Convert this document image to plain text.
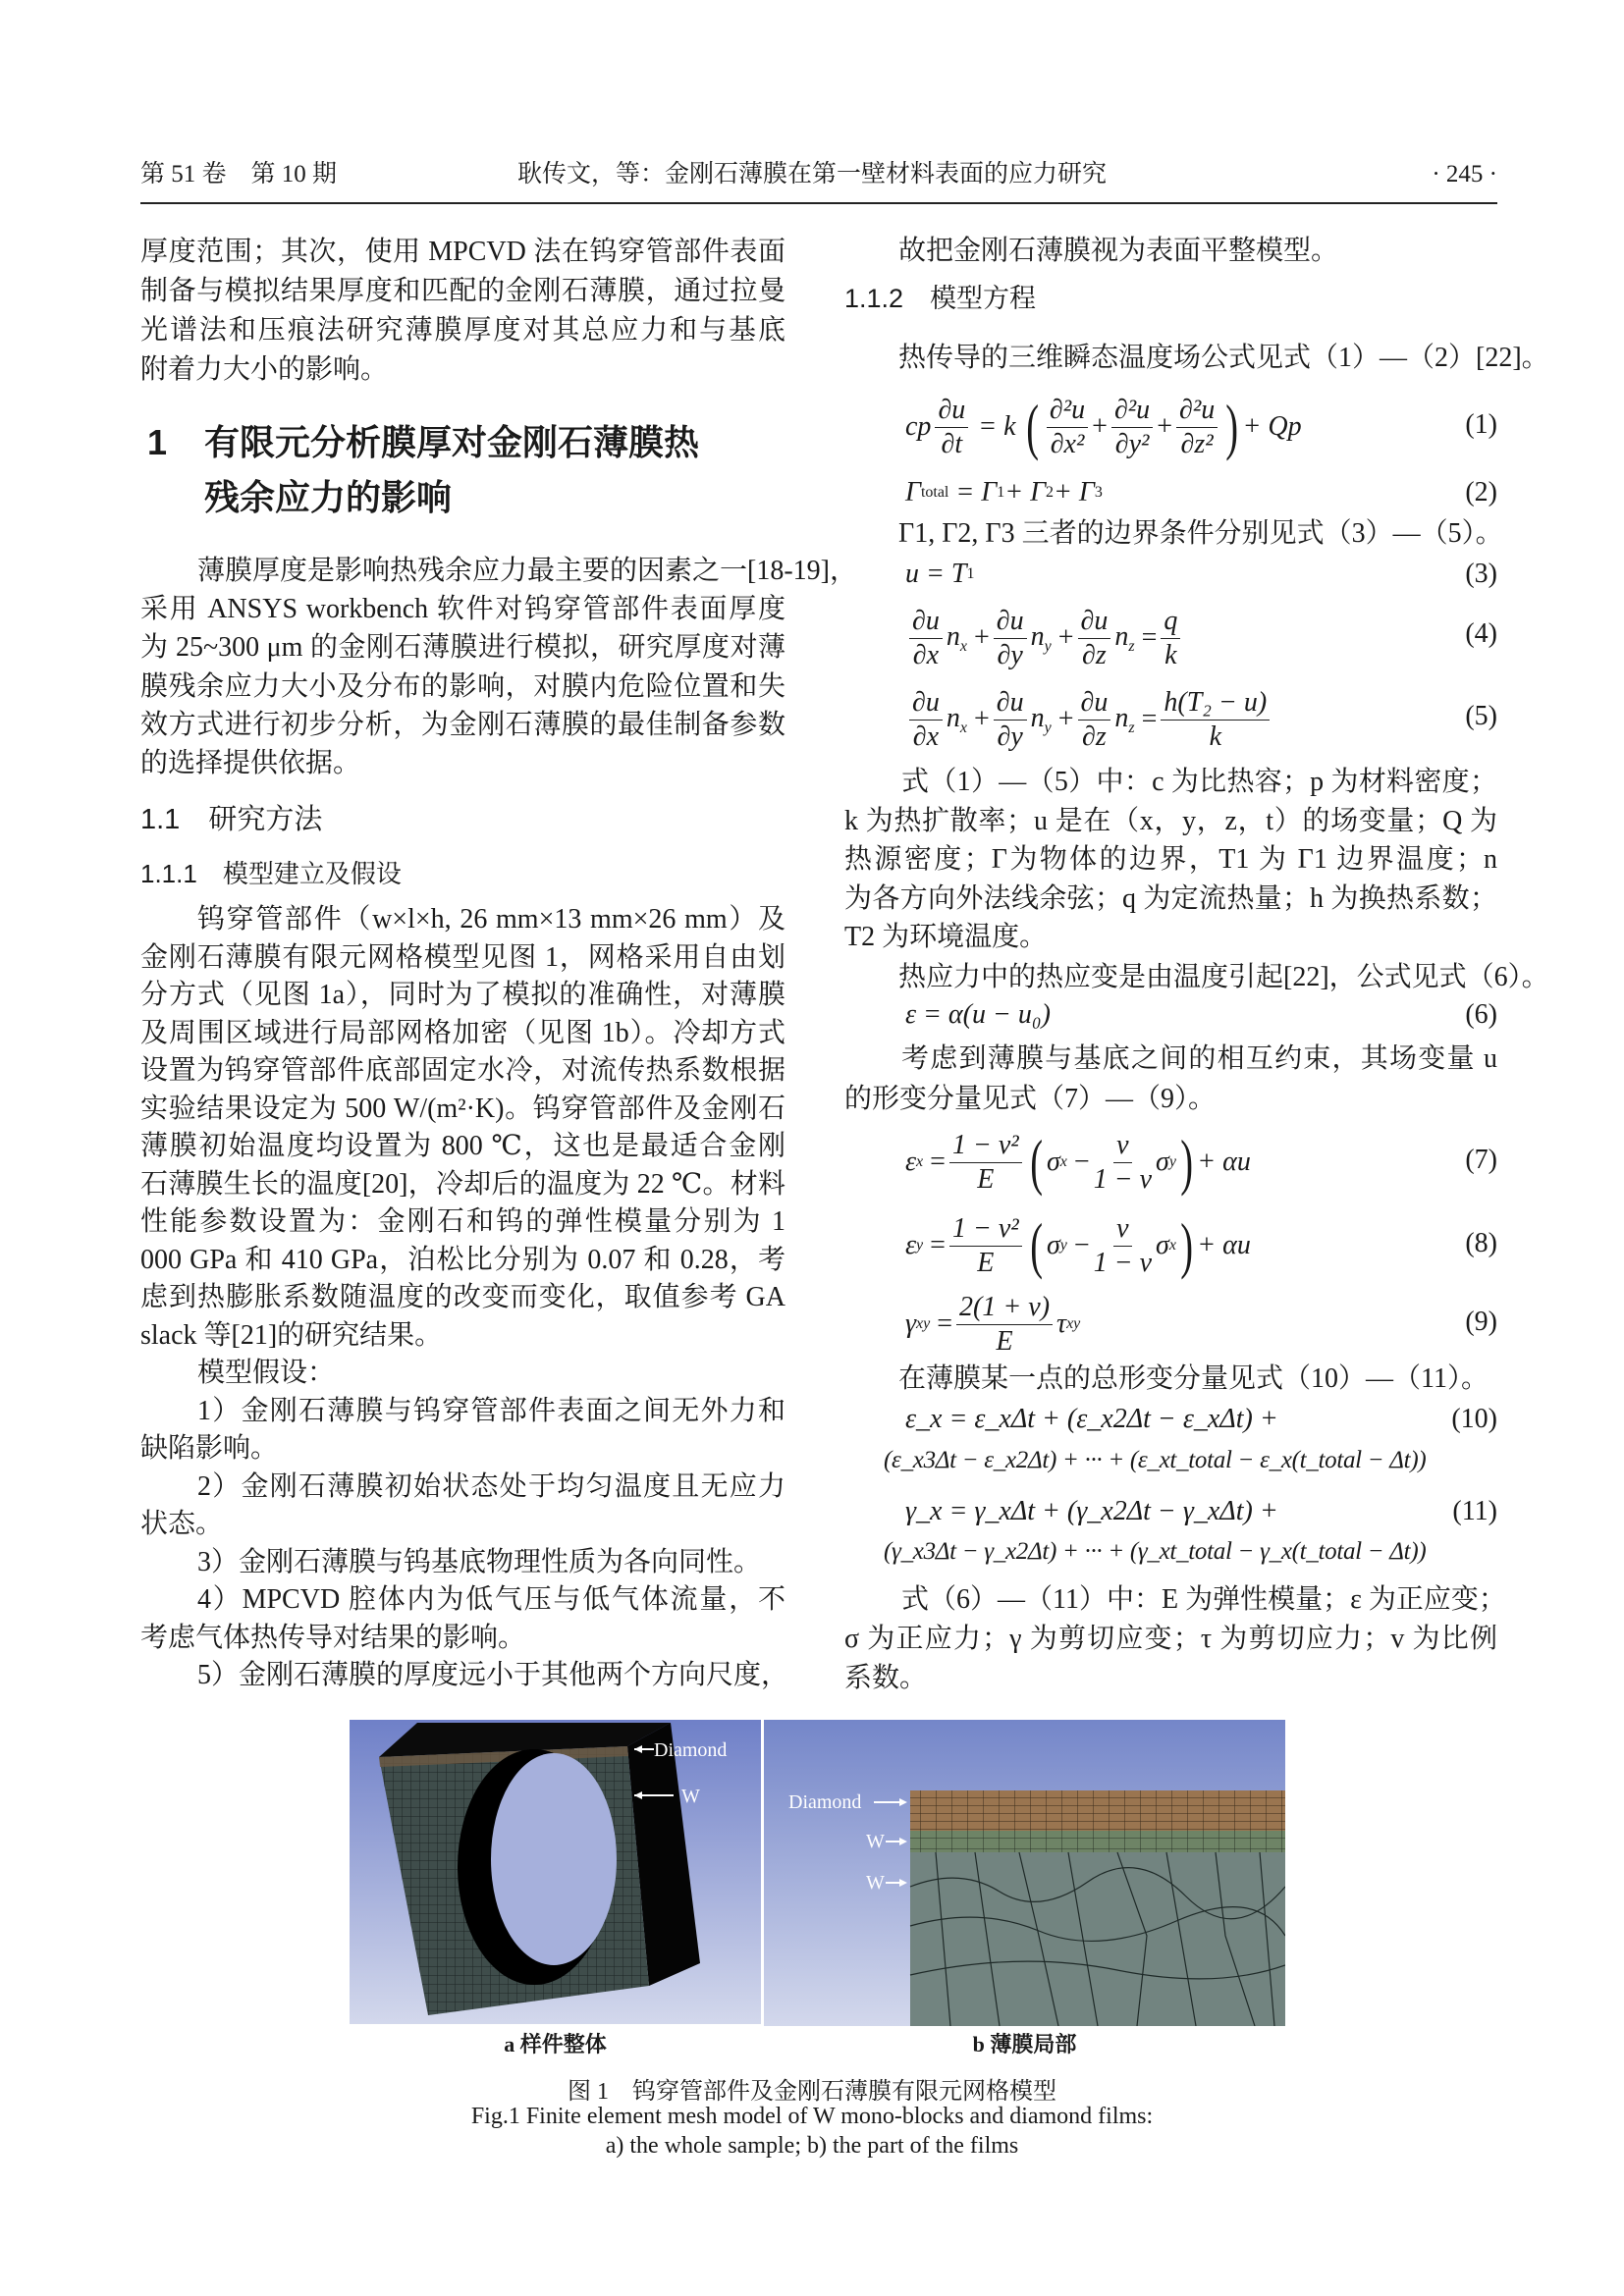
第 51 卷　第 10 期	耿传文，等：金刚石薄膜在第一壁材料表面的应力研究	· 245 ·
厚度范围；其次，使用 MPCVD 法在钨穿管部件表面
制备与模拟结果厚度和匹配的金刚石薄膜，通过拉曼
光谱法和压痕法研究薄膜厚度对其总应力和与基底
附着力大小的影响。
1 有限元分析膜厚对金刚石薄膜热
残余应力的影响
薄膜厚度是影响热残余应力最主要的因素之一[18-19]，
采用 ANSYS workbench 软件对钨穿管部件表面厚度
为 25~300 μm 的金刚石薄膜进行模拟，研究厚度对薄
膜残余应力大小及分布的影响，对膜内危险位置和失
效方式进行初步分析，为金刚石薄膜的最佳制备参数
的选择提供依据。
1.1　研究方法
1.1.1　模型建立及假设
钨穿管部件（w×l×h, 26 mm×13 mm×26 mm）及
金刚石薄膜有限元网格模型见图 1，网格采用自由划
分方式（见图 1a），同时为了模拟的准确性，对薄膜
及周围区域进行局部网格加密（见图 1b）。冷却方式
设置为钨穿管部件底部固定水冷，对流传热系数根据
实验结果设定为 500 W/(m²·K)。钨穿管部件及金刚石
薄膜初始温度均设置为 800 ℃，这也是最适合金刚
石薄膜生长的温度[20]，冷却后的温度为 22 ℃。材料
性能参数设置为：金刚石和钨的弹性模量分别为 1
000 GPa 和 410 GPa，泊松比分别为 0.07 和 0.28，考
虑到热膨胀系数随温度的改变而变化，取值参考 GA
slack 等[21]的研究结果。
模型假设：
1）金刚石薄膜与钨穿管部件表面之间无外力和
缺陷影响。
2）金刚石薄膜初始状态处于均匀温度且无应力
状态。
3）金刚石薄膜与钨基底物理性质为各向同性。
4）MPCVD 腔体内为低气压与低气体流量，不
考虑气体热传导对结果的影响。
5）金刚石薄膜的厚度远小于其他两个方向尺度，
故把金刚石薄膜视为表面平整模型。
1.1.2　模型方程
热传导的三维瞬态温度场公式见式（1）—（2）[22]。
cp $\frac{\partial u}{\partial t} = k$ ( $\frac{\text{∂²u}}{\text{∂x²}} + \frac{\text{∂²u}}{\text{∂y²}} + \frac{\text{∂²u}}{\text{∂z²}}$ ) + Qp	(1)
Γ total
= Γ 1 + Γ 2 + Γ 3	(2)
Γ1, Γ2, Γ3 三者的边界条件分别见式（3）—（5）。
u = T 1	(3)
$\frac{\partial u}{\partial x} n_x + \frac{\partial u}{\partial y} n_y + \frac{\partial u}{\partial z} n_z = \frac{q}{k}$	(4)
$\frac{\partial u}{\partial x} n_x + \frac{\partial u}{\partial y} n_y + \frac{\partial u}{\partial z} n_z = \frac{\text{h(T₂ − u)}}{k}$	(5)
式（1）—（5）中：c 为比热容；p 为材料密度；
k 为热扩散率；u 是在（x，y，z，t）的场变量；Q 为
热源密度；Γ为物体的边界，T1 为 Γ1 边界温度；n
为各方向外法线余弦；q 为定流热量；h 为换热系数；
T2 为环境温度。
热应力中的热应变是由温度引起[22]，公式见式（6）。
ε = α(u − u₀)	(6)
考虑到薄膜与基底之间的相互约束，其场变量 u
的形变分量见式（7）—（9）。
ε $x = \frac{\text{1 − v²}}{E}$ ( σ $x - \frac{v}{1 - v}$ σ y ) + αu	(7)
ε $y = \frac{\text{1 − v²}}{E}$ ( σ $y - \frac{v}{1 - v}$ σ x ) + αu	(8)
γ xy = $\frac{2(1 + v)}{E}$ τ xy	(9)
在薄膜某一点的总形变分量见式（10）—（11）。
ε_x = ε_xΔt + (ε_x2Δt − ε_xΔt) +	(10)
(ε_x3Δt − ε_x2Δt) + ··· + (ε_xt_total − ε_x(t_total − Δt))
γ_x = γ_xΔt + (γ_x2Δt − γ_xΔt) +	(11)
(γ_x3Δt − γ_x2Δt) + ··· + (γ_xt_total − γ_x(t_total − Δt))
式（6）—（11）中：E 为弹性模量；ε 为正应变；
σ 为正应力；γ 为剪切应变；τ 为剪切应力；v 为比例
系数。
Diamond
W	Diamond
W
W
a 样件整体	b 薄膜局部
图 1　钨穿管部件及金刚石薄膜有限元网格模型
Fig.1 Finite element mesh model of W mono-blocks and diamond films:
a) the whole sample; b) the part of the films
